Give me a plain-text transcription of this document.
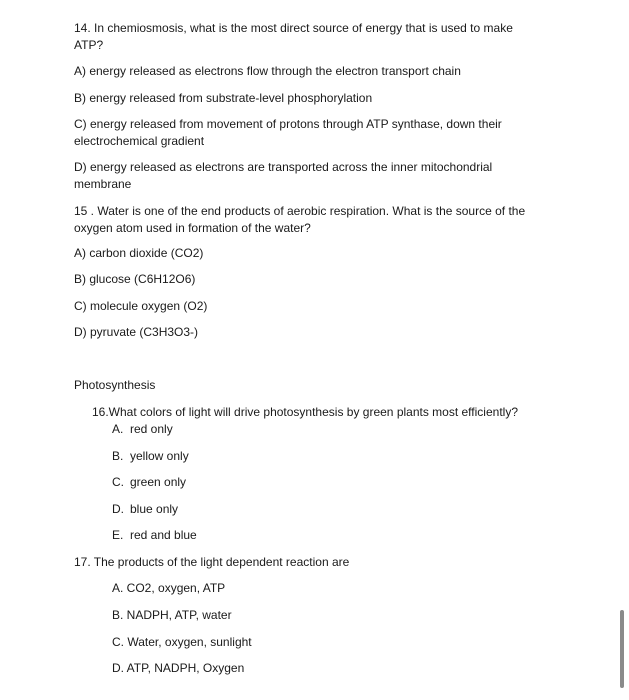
14. In chemiosmosis, what is the most direct source of energy that is used to make

ATP?

A) energy released as electrons flow through the electron transport chain

B) energy released from substrate-level phosphorylation

C) energy released from movement of protons through ATP synthase, down their

electrochemical gradient

D) energy released as electrons are transported across the inner mitochondrial

membrane

15 . Water is one of the end products of aerobic respiration. What is the source of the

oxygen atom used in formation of the water?

A) carbon dioxide (CO2)

B) glucose (C6H12O6)

C) molecule oxygen (O2)

D) pyruvate (C3H3O3-)

Photosynthesis

16.What colors of light will drive photosynthesis by green plants most efficiently?

A. red only
B. yellow only
C. green only
D. blue only
E. red and blue

17. The products of the light dependent reaction are

A. CO2, oxygen, ATP

B. NADPH, ATP, water

C. Water, oxygen, sunlight

D. ATP, NADPH, Oxygen
